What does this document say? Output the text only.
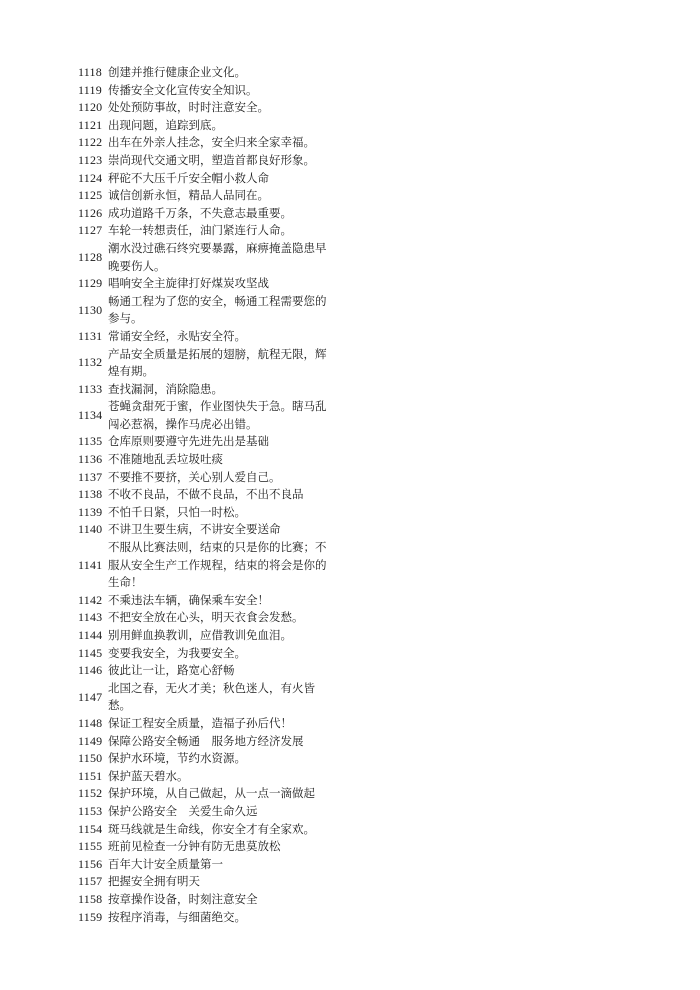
1118 创建并推行健康企业文化。
1119 传播安全文化宣传安全知识。
1120 处处预防事故，时时注意安全。
1121 出现问题，追踪到底。
1122 出车在外亲人挂念，安全归来全家幸福。
1123 崇尚现代交通文明，塑造首都良好形象。
1124 秤砣不大压千斤安全帽小救人命
1125 诚信创新永恒，精品人品同在。
1126 成功道路千万条，不失意志最重要。
1127 车轮一转想责任，油门紧连行人命。
1128
潮水没过礁石终究要暴露，麻痹掩盖隐患早晚要伤人。
1129 唱响安全主旋律打好煤炭攻坚战
1130
畅通工程为了您的安全，畅通工程需要您的参与。
1131 常诵安全经，永贴安全符。
1132
产品安全质量是拓展的翅膀，航程无限，辉煌有期。
1133 查找漏洞，消除隐患。
1134
苍蝇贪甜死于蜜，作业图快失于急。瞎马乱闯必惹祸，操作马虎必出错。
1135 仓库原则要遵守先进先出是基础
1136 不准随地乱丢垃圾吐痰
1137 不要推不要挤，关心别人爱自己。
1138 不收不良品，不做不良品，不出不良品
1139 不怕千日紧，只怕一时松。
1140 不讲卫生要生病，不讲安全要送命
1141
不服从比赛法则，结束的只是你的比赛；不服从安全生产工作规程，结束的将会是你的生命！
1142 不乘违法车辆，确保乘车安全！
1143 不把安全放在心头，明天衣食会发愁。
1144 别用鲜血换教训，应借教训免血泪。
1145 变要我安全，为我要安全。
1146 彼此让一让，路宽心舒畅
1147
北国之春，无火才美；秋色迷人，有火皆愁。
1148 保证工程安全质量，造福子孙后代！
1149 保障公路安全畅通　服务地方经济发展
1150 保护水环境，节约水资源。
1151 保护蓝天碧水。
1152 保护环境，从自己做起，从一点一滴做起
1153 保护公路安全　关爱生命久远
1154 斑马线就是生命线，你安全才有全家欢。
1155 班前见检查一分钟有防无患莫放松
1156 百年大计安全质量第一
1157 把握安全拥有明天
1158 按章操作设备，时刻注意安全
1159 按程序消毒，与细菌绝交。
